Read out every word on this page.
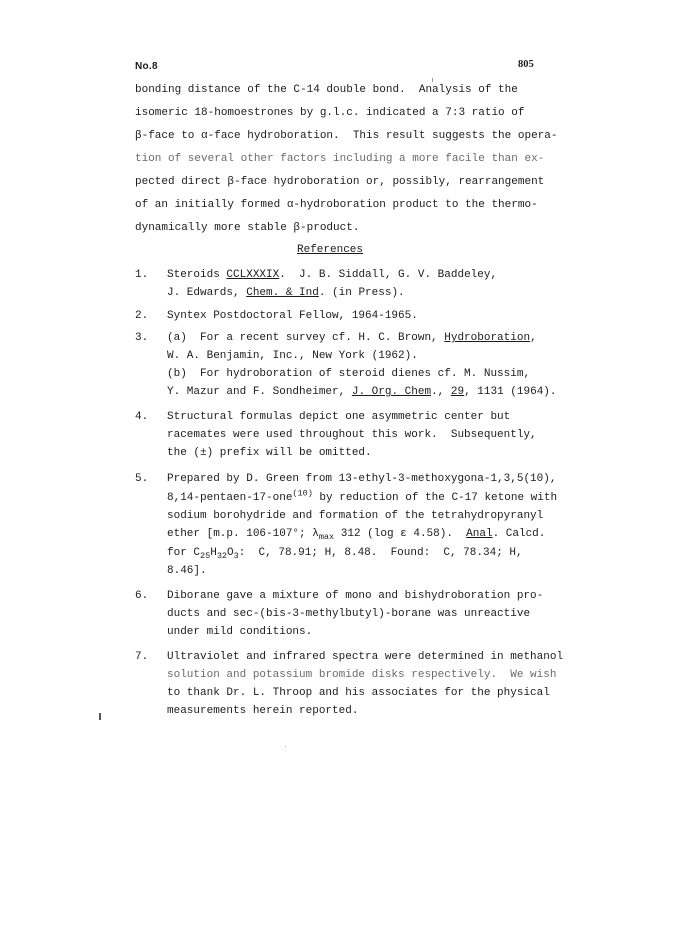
No.8	805
bonding distance of the C-14 double bond.  Analysis of the
isomeric 18-homoestrones by g.l.c. indicated a 7:3 ratio of
β-face to α-face hydroboration.  This result suggests the opera-
tion of several other factors including a more facile than ex-
pected direct β-face hydroboration or, possibly, rearrangement
of an initially formed α-hydroboration product to the thermo-
dynamically more stable β-product.
References
1. Steroids CCLXXXIX.  J. B. Siddall, G. V. Baddeley,
J. Edwards, Chem. & Ind. (in Press).
2. Syntex Postdoctoral Fellow, 1964-1965.
3. (a)  For a recent survey cf. H. C. Brown, Hydroboration,
W. A. Benjamin, Inc., New York (1962).
(b)  For hydroboration of steroid dienes cf. M. Nussim,
Y. Mazur and F. Sondheimer, J. Org. Chem., 29, 1131 (1964).
4. Structural formulas depict one asymmetric center but
racemates were used throughout this work.  Subsequently,
the (±) prefix will be omitted.
5. Prepared by D. Green from 13-ethyl-3-methoxygona-1,3,5(10),
8,14-pentaen-17-one$^{(10)}$ by reduction of the C-17 ketone with
sodium borohydride and formation of the tetrahydropyranyl
ether [m.p. 106-107°; $\lambda_{max}$ 312 (log ε 4.58).  Anal. Calcd.
for $C_{25}H_{32}O_3$:  C, 78.91; H, 8.48.  Found:  C, 78.34; H,
8.46].
6. Diborane gave a mixture of mono and bishydroboration pro-
ducts and sec-(bis-3-methylbutyl)-borane was unreactive
under mild conditions.
7. Ultraviolet and infrared spectra were determined in methanol
solution and potassium bromide disks respectively.  We wish
to thank Dr. L. Throop and his associates for the physical
measurements herein reported.
